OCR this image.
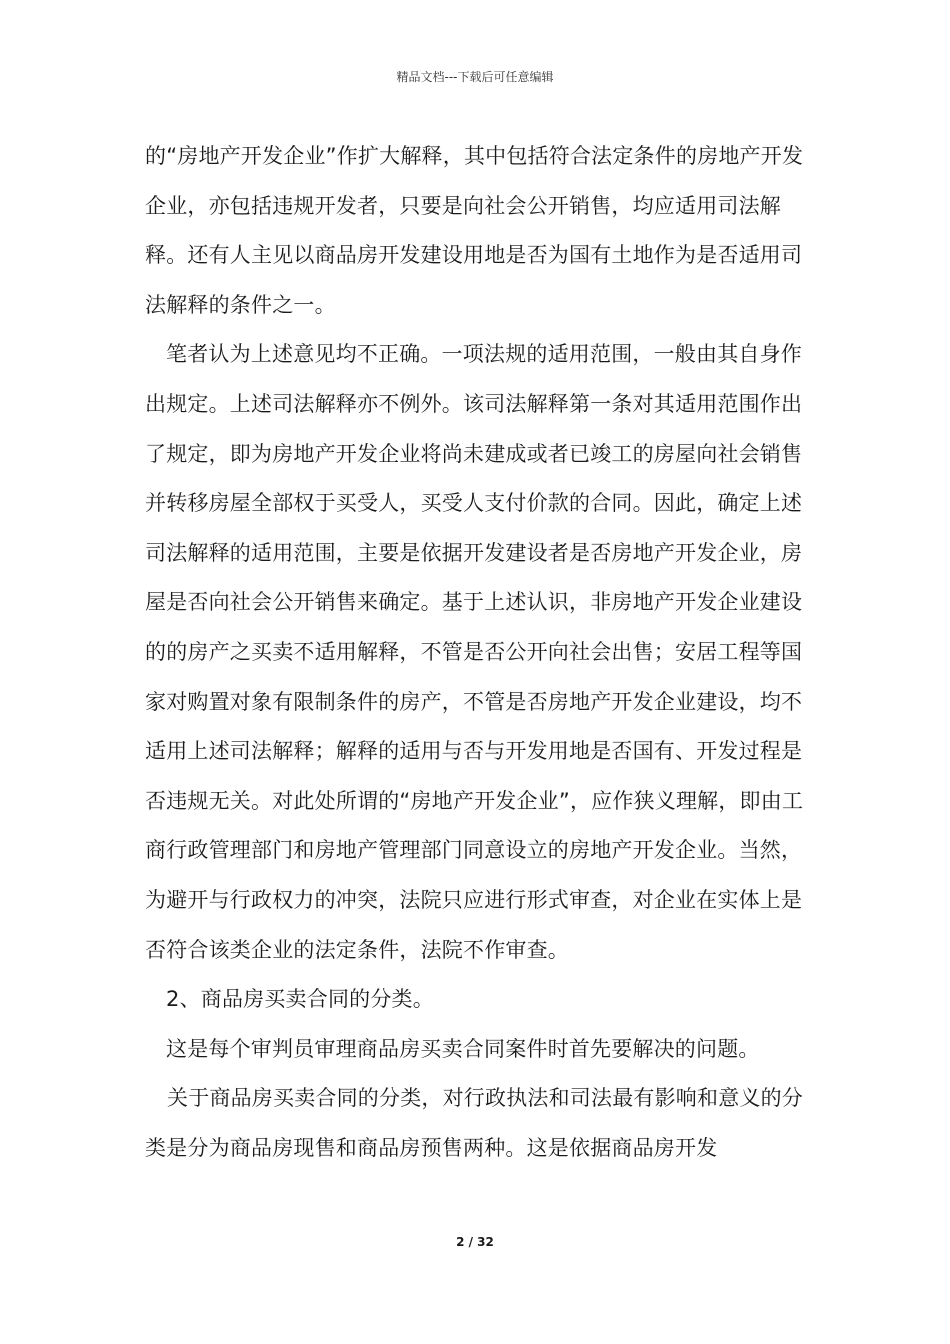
精品文档---下载后可任意编辑

的“房地产开发企业”作扩大解释，其中包括符合法定条件的房地产开发企业，亦包括违规开发者，只要是向社会公开销售，均应适用司法解释。还有人主见以商品房开发建设用地是否为国有土地作为是否适用司法解释的条件之一。

笔者认为上述意见均不正确。一项法规的适用范围，一般由其自身作出规定。上述司法解释亦不例外。该司法解释第一条对其适用范围作出了规定，即为房地产开发企业将尚未建成或者已竣工的房屋向社会销售并转移房屋全部权于买受人，买受人支付价款的合同。因此，确定上述司法解释的适用范围，主要是依据开发建设者是否房地产开发企业，房屋是否向社会公开销售来确定。基于上述认识，非房地产开发企业建设的的房产之买卖不适用解释，不管是否公开向社会出售；安居工程等国家对购置对象有限制条件的房产，不管是否房地产开发企业建设，均不适用上述司法解释；解释的适用与否与开发用地是否国有、开发过程是否违规无关。对此处所谓的“房地产开发企业”，应作狭义理解，即由工商行政管理部门和房地产管理部门同意设立的房地产开发企业。当然，为避开与行政权力的冲突，法院只应进行形式审查，对企业在实体上是否符合该类企业的法定条件，法院不作审查。

2、商品房买卖合同的分类。

这是每个审判员审理商品房买卖合同案件时首先要解决的问题。

关于商品房买卖合同的分类，对行政执法和司法最有影响和意义的分类是分为商品房现售和商品房预售两种。这是依据商品房开发

2 / 32
